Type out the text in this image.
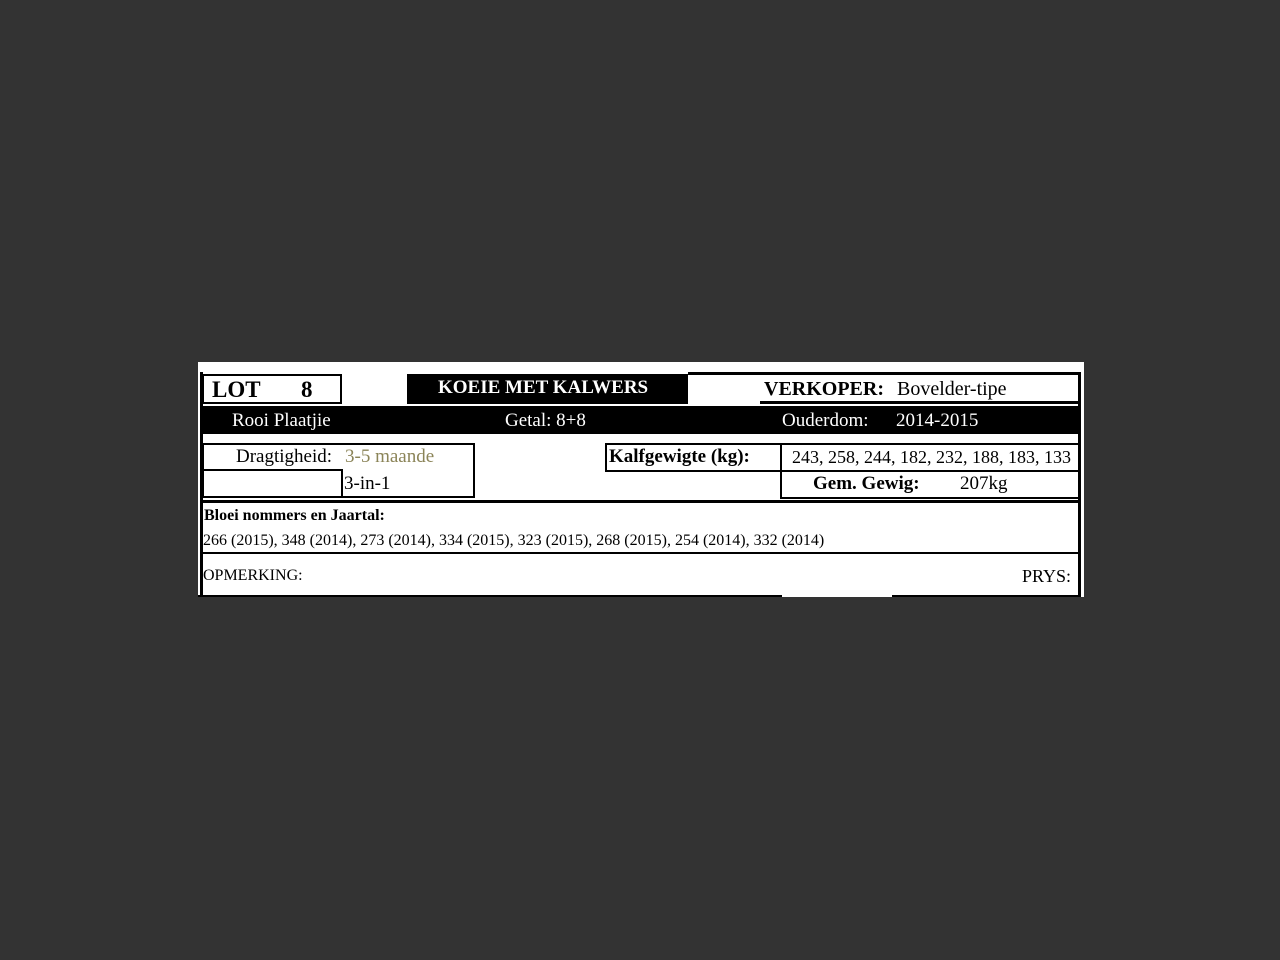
LOT 8	KOEIE MET KALWERS	VERKOPER: Bovelder-tipe
Rooi Plaatjie	Getal: 8+8	Ouderdom: 2014-2015
Dragtigheid: 3-5 maande
3-in-1
Kalfgewigte (kg): 243, 258, 244, 182, 232, 188, 183, 133
Gem. Gewig: 207kg
Bloei nommers en Jaartal:
266 (2015), 348 (2014), 273 (2014), 334 (2015), 323 (2015), 268 (2015), 254 (2014), 332 (2014)
OPMERKING:	PRYS:
